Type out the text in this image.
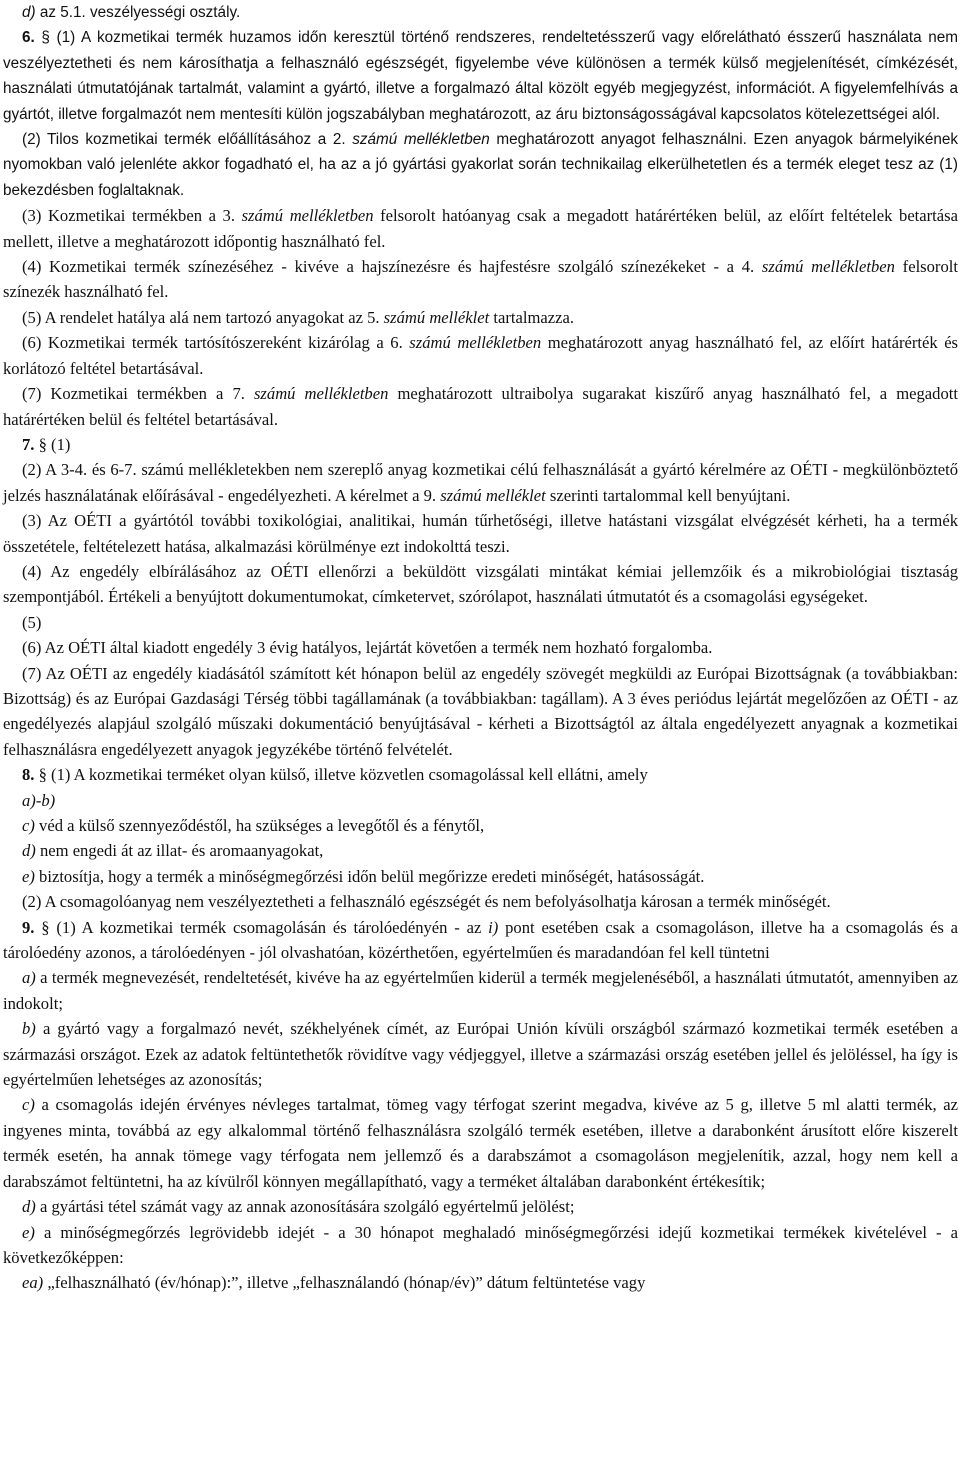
d) az 5.1. veszélyességi osztály.

6. § (1) A kozmetikai termék huzamos időn keresztül történő rendszeres, rendeltetésszerű vagy előrelátható ésszerű használata nem veszélyeztetheti és nem károsíthatja a felhasználó egészségét, figyelembe véve különösen a termék külső megjelenítését, címkézését, használati útmutatójának tartalmát, valamint a gyártó, illetve a forgalmazó által közölt egyéb megjegyzést, információt. A figyelemfelhívás a gyártót, illetve forgalmazót nem mentesíti külön jogszabályban meghatározott, az áru biztonságosságával kapcsolatos kötelezettségei alól.

(2) Tilos kozmetikai termék előállításához a 2. számú mellékletben meghatározott anyagot felhasználni. Ezen anyagok bármelyikének nyomokban való jelenléte akkor fogadható el, ha az a jó gyártási gyakorlat során technikailag elkerülhetetlen és a termék eleget tesz az (1) bekezdésben foglaltaknak.

(3) Kozmetikai termékben a 3. számú mellékletben felsorolt hatóanyag csak a megadott határértéken belül, az előírt feltételek betartása mellett, illetve a meghatározott időpontig használható fel.

(4) Kozmetikai termék színezéséhez - kivéve a hajszínezésre és hajfestésre szolgáló színezékeket - a 4. számú mellékletben felsorolt színezék használható fel.

(5) A rendelet hatálya alá nem tartozó anyagokat az 5. számú melléklet tartalmazza.

(6) Kozmetikai termék tartósítószereként kizárólag a 6. számú mellékletben meghatározott anyag használható fel, az előírt határérték és korlátozó feltétel betartásával.

(7) Kozmetikai termékben a 7. számú mellékletben meghatározott ultraibolya sugarakat kiszűrő anyag használható fel, a megadott határértéken belül és feltétel betartásával.

7. § (1)

(2) A 3-4. és 6-7. számú mellékletekben nem szereplő anyag kozmetikai célú felhasználását a gyártó kérelmére az OÉTI - megkülönböztető jelzés használatának előírásával - engedélyezheti. A kérelmet a 9. számú melléklet szerinti tartalommal kell benyújtani.

(3) Az OÉTI a gyártótól további toxikológiai, analitikai, humán tűrhetőségi, illetve hatástani vizsgálat elvégzését kérheti, ha a termék összetétele, feltételezett hatása, alkalmazási körülménye ezt indokolttá teszi.

(4) Az engedély elbírálásához az OÉTI ellenőrzi a beküldött vizsgálati mintákat kémiai jellemzőik és a mikrobiológiai tisztaság szempontjából. Értékeli a benyújtott dokumentumokat, címketervet, szórólapot, használati útmutatót és a csomagolási egységeket.

(5)

(6) Az OÉTI által kiadott engedély 3 évig hatályos, lejártát követően a termék nem hozható forgalomba.

(7) Az OÉTI az engedély kiadásától számított két hónapon belül az engedély szövegét megküldi az Európai Bizottságnak (a továbbiakban: Bizottság) és az Európai Gazdasági Térség többi tagállamának (a továbbiakban: tagállam). A 3 éves periódus lejártát megelőzően az OÉTI - az engedélyezés alapjául szolgáló műszaki dokumentáció benyújtásával - kérheti a Bizottságtól az általa engedélyezett anyagnak a kozmetikai felhasználásra engedélyezett anyagok jegyzékébe történő felvételét.

8. § (1) A kozmetikai terméket olyan külső, illetve közvetlen csomagolással kell ellátni, amely

a)-b)

c) véd a külső szennyeződéstől, ha szükséges a levegőtől és a fénytől,

d) nem engedi át az illat- és aromaanyagokat,

e) biztosítja, hogy a termék a minőségmegőrzési időn belül megőrizze eredeti minőségét, hatásosságát.

(2) A csomagolóanyag nem veszélyeztetheti a felhasználó egészségét és nem befolyásolhatja károsan a termék minőségét.

9. § (1) A kozmetikai termék csomagolásán és tárolóedényén - az i) pont esetében csak a csomagoláson, illetve ha a csomagolás és a tárolóedény azonos, a tárolóedényen - jól olvashatóan, közérthetően, egyértelműen és maradandóan fel kell tüntetni

a) a termék megnevezését, rendeltetését, kivéve ha az egyértelműen kiderül a termék megjelenéséből, a használati útmutatót, amennyiben az indokolt;

b) a gyártó vagy a forgalmazó nevét, székhelyének címét, az Európai Unión kívüli országból származó kozmetikai termék esetében a származási országot. Ezek az adatok feltüntethetők rövidítve vagy védjeggyel, illetve a származási ország esetében jellel és jelöléssel, ha így is egyértelműen lehetséges az azonosítás;

c) a csomagolás idején érvényes névleges tartalmat, tömeg vagy térfogat szerint megadva, kivéve az 5 g, illetve 5 ml alatti termék, az ingyenes minta, továbbá az egy alkalommal történő felhasználásra szolgáló termék esetében, illetve a darabonként árusított előre kiszerelt termék esetén, ha annak tömege vagy térfogata nem jellemző és a darabszámot a csomagoláson megjelenítik, azzal, hogy nem kell a darabszámot feltüntetni, ha az kívülről könnyen megállapítható, vagy a terméket általában darabonként értékesítik;

d) a gyártási tétel számát vagy az annak azonosítására szolgáló egyértelmű jelölést;

e) a minőségmegőrzés legrövidebb idejét - a 30 hónapot meghaladó minőségmegőrzési idejű kozmetikai termékek kivételével - a következőképpen:

ea) „felhasználható (év/hónap):”, illetve „felhasználandó (hónap/év)” dátum feltüntetése vagy
